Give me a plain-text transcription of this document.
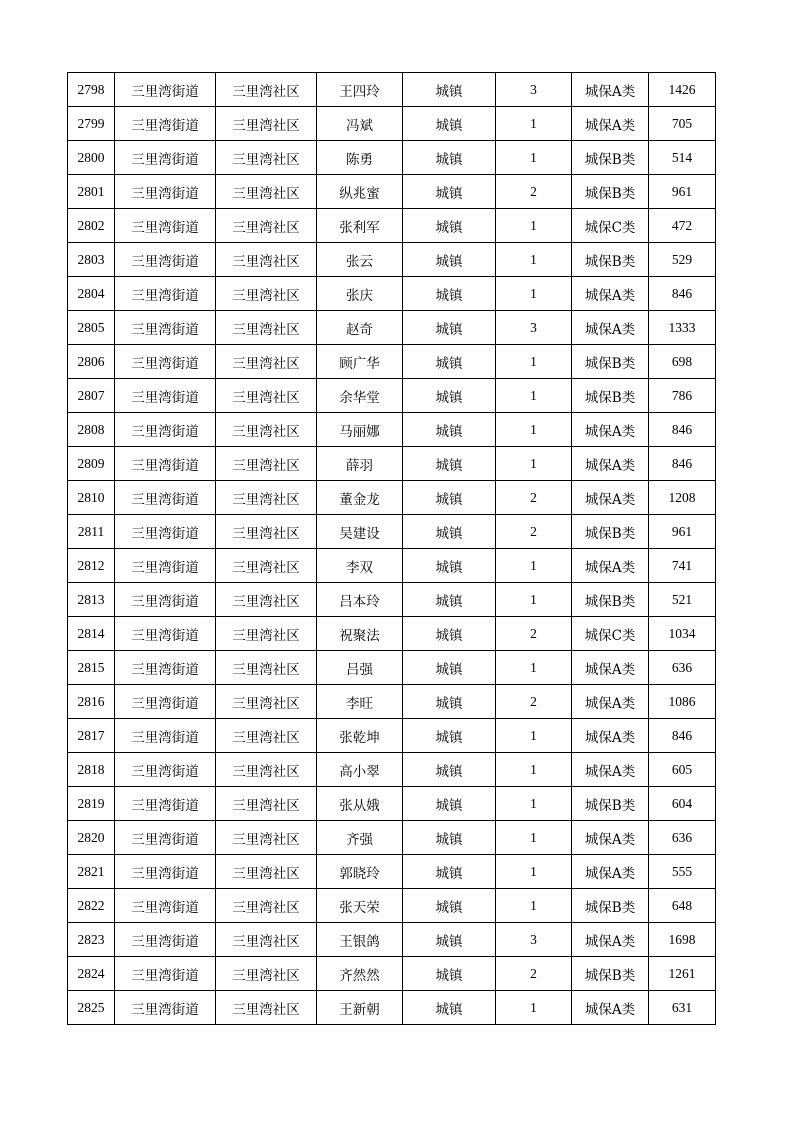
2798	三里湾街道	三里湾社区	王四玲	城镇	3	城保A类	1426
2799	三里湾街道	三里湾社区	冯斌	城镇	1	城保A类	705
2800	三里湾街道	三里湾社区	陈勇	城镇	1	城保B类	514
2801	三里湾街道	三里湾社区	纵兆蜜	城镇	2	城保B类	961
2802	三里湾街道	三里湾社区	张利军	城镇	1	城保C类	472
2803	三里湾街道	三里湾社区	张云	城镇	1	城保B类	529
2804	三里湾街道	三里湾社区	张庆	城镇	1	城保A类	846
2805	三里湾街道	三里湾社区	赵奇	城镇	3	城保A类	1333
2806	三里湾街道	三里湾社区	顾广华	城镇	1	城保B类	698
2807	三里湾街道	三里湾社区	余华堂	城镇	1	城保B类	786
2808	三里湾街道	三里湾社区	马丽娜	城镇	1	城保A类	846
2809	三里湾街道	三里湾社区	薛羽	城镇	1	城保A类	846
2810	三里湾街道	三里湾社区	董金龙	城镇	2	城保A类	1208
2811	三里湾街道	三里湾社区	吴建设	城镇	2	城保B类	961
2812	三里湾街道	三里湾社区	李双	城镇	1	城保A类	741
2813	三里湾街道	三里湾社区	吕本玲	城镇	1	城保B类	521
2814	三里湾街道	三里湾社区	祝聚法	城镇	2	城保C类	1034
2815	三里湾街道	三里湾社区	吕强	城镇	1	城保A类	636
2816	三里湾街道	三里湾社区	李旺	城镇	2	城保A类	1086
2817	三里湾街道	三里湾社区	张乾坤	城镇	1	城保A类	846
2818	三里湾街道	三里湾社区	高小翠	城镇	1	城保A类	605
2819	三里湾街道	三里湾社区	张从娥	城镇	1	城保B类	604
2820	三里湾街道	三里湾社区	齐强	城镇	1	城保A类	636
2821	三里湾街道	三里湾社区	郭晓玲	城镇	1	城保A类	555
2822	三里湾街道	三里湾社区	张天荣	城镇	1	城保B类	648
2823	三里湾街道	三里湾社区	王银鸽	城镇	3	城保A类	1698
2824	三里湾街道	三里湾社区	齐然然	城镇	2	城保B类	1261
2825	三里湾街道	三里湾社区	王新朝	城镇	1	城保A类	631
